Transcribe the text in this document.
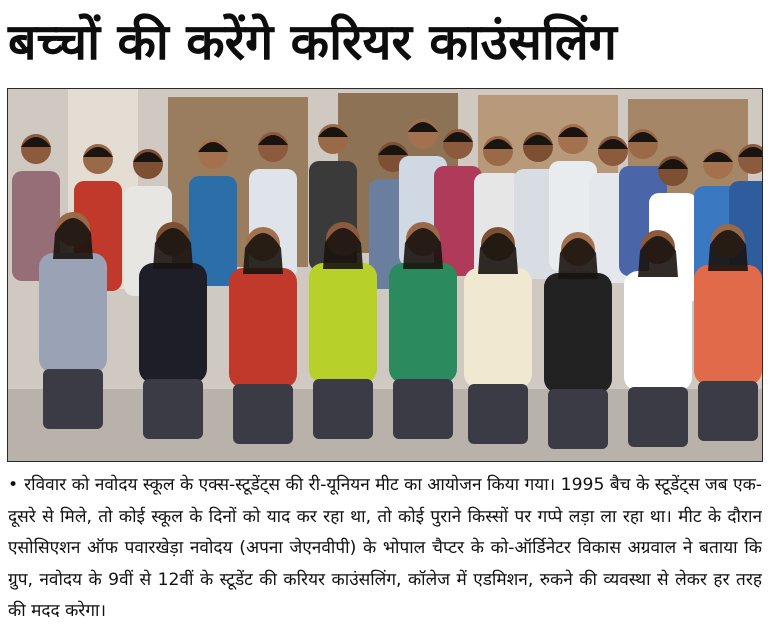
बच्चों की करेंगे करियर काउंसलिंग
• रविवार को नवोदय स्कूल के एक्स-स्टूडेंट्स की री-यूनियन मीट का आयोजन किया गया। 1995 बैच के स्टूडेंट्स जब एक-दूसरे से मिले, तो कोई स्कूल के दिनों को याद कर रहा था, तो कोई पुराने किस्सों पर गप्पे लड़ा ला रहा था। मीट के दौरान एसोसिएशन ऑफ पवारखेड़ा नवोदय (अपना जेएनवीपी) के भोपाल चैप्टर के को-ऑर्डिनेटर विकास अग्रवाल ने बताया कि ग्रुप, नवोदय के 9वीं से 12वीं के स्टूडेंट की करियर काउंसलिंग, कॉलेज में एडमिशन, रुकने की व्यवस्था से लेकर हर तरह की मदद करेगा।
